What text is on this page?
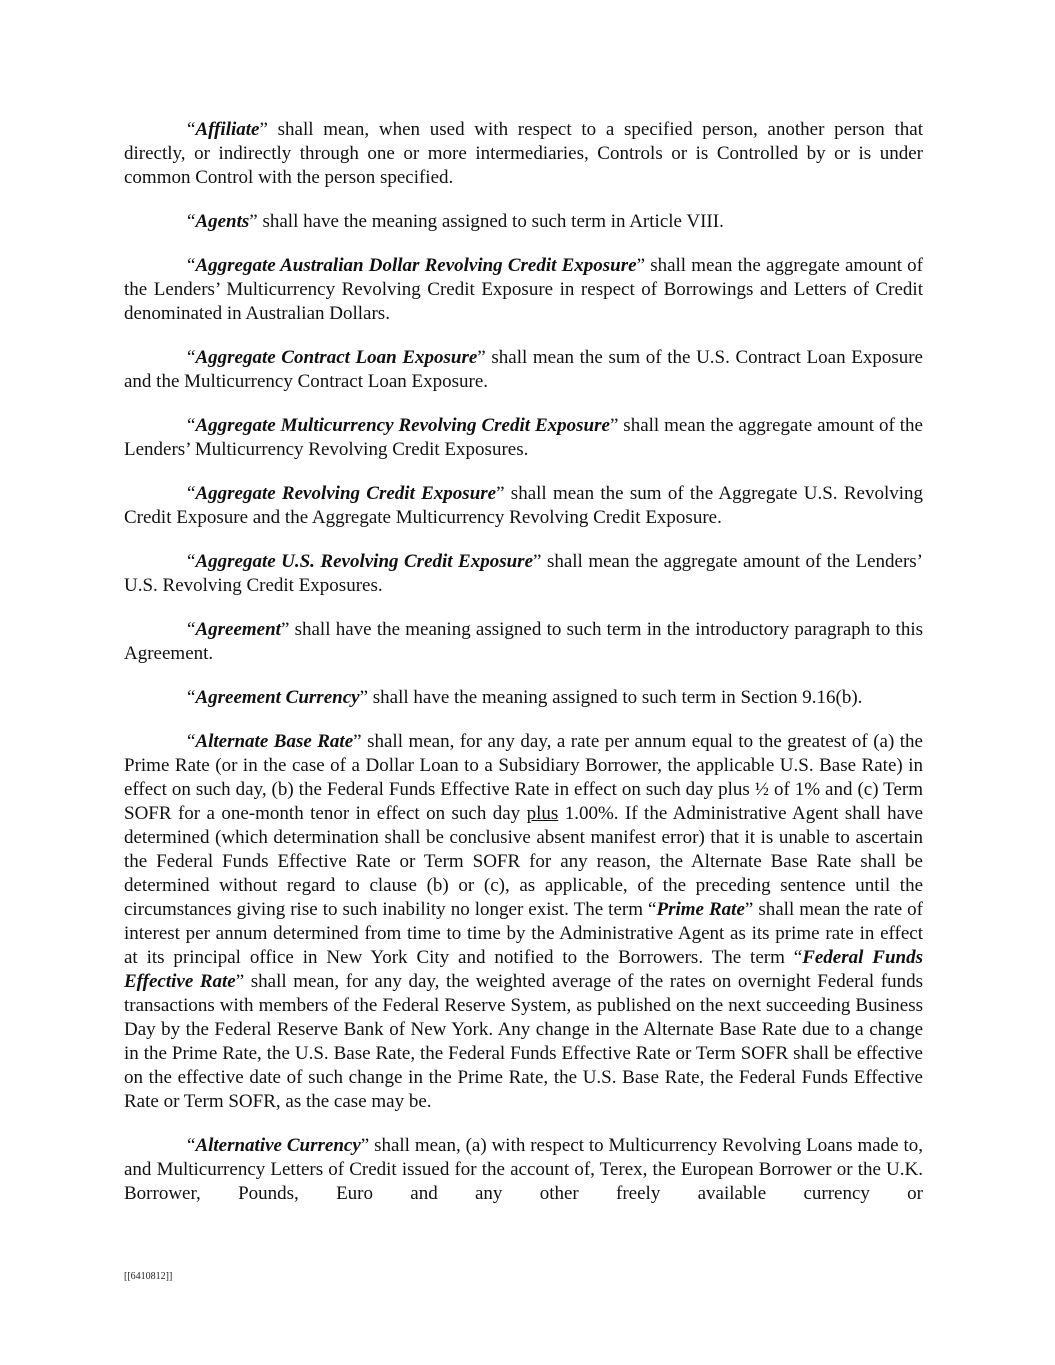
“Affiliate” shall mean, when used with respect to a specified person, another person that directly, or indirectly through one or more intermediaries, Controls or is Controlled by or is under common Control with the person specified.

“Agents” shall have the meaning assigned to such term in Article VIII.

“Aggregate Australian Dollar Revolving Credit Exposure” shall mean the aggregate amount of the Lenders’ Multicurrency Revolving Credit Exposure in respect of Borrowings and Letters of Credit denominated in Australian Dollars.

“Aggregate Contract Loan Exposure” shall mean the sum of the U.S. Contract Loan Exposure and the Multicurrency Contract Loan Exposure.

“Aggregate Multicurrency Revolving Credit Exposure” shall mean the aggregate amount of the Lenders’ Multicurrency Revolving Credit Exposures.

“Aggregate Revolving Credit Exposure” shall mean the sum of the Aggregate U.S. Revolving Credit Exposure and the Aggregate Multicurrency Revolving Credit Exposure.

“Aggregate U.S. Revolving Credit Exposure” shall mean the aggregate amount of the Lenders’ U.S. Revolving Credit Exposures.

“Agreement” shall have the meaning assigned to such term in the introductory paragraph to this Agreement.

“Agreement Currency” shall have the meaning assigned to such term in Section 9.16(b).

“Alternate Base Rate” shall mean, for any day, a rate per annum equal to the greatest of (a) the Prime Rate (or in the case of a Dollar Loan to a Subsidiary Borrower, the applicable U.S. Base Rate) in effect on such day, (b) the Federal Funds Effective Rate in effect on such day plus ½ of 1% and (c) Term SOFR for a one-month tenor in effect on such day plus 1.00%. If the Administrative Agent shall have determined (which determination shall be conclusive absent manifest error) that it is unable to ascertain the Federal Funds Effective Rate or Term SOFR for any reason, the Alternate Base Rate shall be determined without regard to clause (b) or (c), as applicable, of the preceding sentence until the circumstances giving rise to such inability no longer exist. The term “Prime Rate” shall mean the rate of interest per annum determined from time to time by the Administrative Agent as its prime rate in effect at its principal office in New York City and notified to the Borrowers. The term “Federal Funds Effective Rate” shall mean, for any day, the weighted average of the rates on overnight Federal funds transactions with members of the Federal Reserve System, as published on the next succeeding Business Day by the Federal Reserve Bank of New York. Any change in the Alternate Base Rate due to a change in the Prime Rate, the U.S. Base Rate, the Federal Funds Effective Rate or Term SOFR shall be effective on the effective date of such change in the Prime Rate, the U.S. Base Rate, the Federal Funds Effective Rate or Term SOFR, as the case may be.

“Alternative Currency” shall mean, (a) with respect to Multicurrency Revolving Loans made to, and Multicurrency Letters of Credit issued for the account of, Terex, the European Borrower or the U.K. Borrower, Pounds, Euro and any other freely available currency or

[[6410812]]
